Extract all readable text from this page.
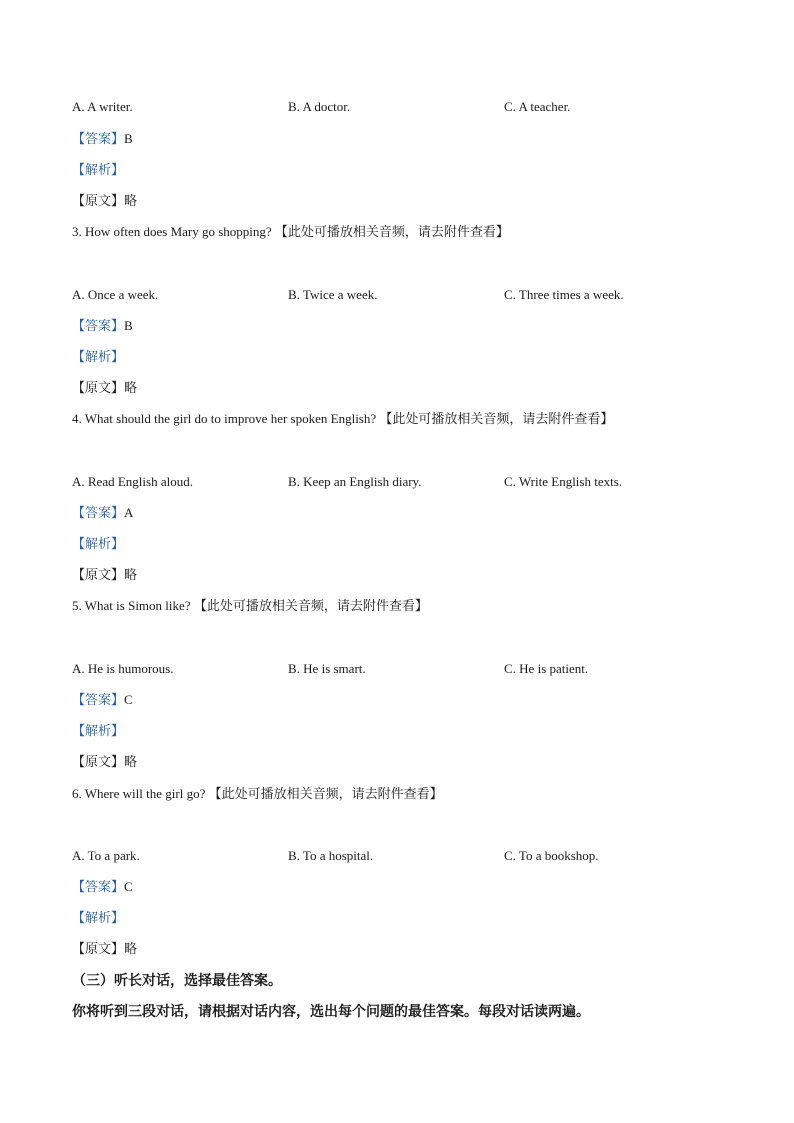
A. A writer.	B. A doctor.	C. A teacher.
【答案】B
【解析】
【原文】略
3. How often does Mary go shopping? 【此处可播放相关音频，请去附件查看】
A. Once a week.	B. Twice a week.	C. Three times a week.
【答案】B
【解析】
【原文】略
4. What should the girl do to improve her spoken English? 【此处可播放相关音频，请去附件查看】
A. Read English aloud.	B. Keep an English diary.	C. Write English texts.
【答案】A
【解析】
【原文】略
5. What is Simon like? 【此处可播放相关音频，请去附件查看】
A. He is humorous.	B. He is smart.	C. He is patient.
【答案】C
【解析】
【原文】略
6. Where will the girl go? 【此处可播放相关音频，请去附件查看】
A. To a park.	B. To a hospital.	C. To a bookshop.
【答案】C
【解析】
【原文】略
（三）听长对话，选择最佳答案。
你将听到三段对话，请根据对话内容，选出每个问题的最佳答案。每段对话读两遍。
